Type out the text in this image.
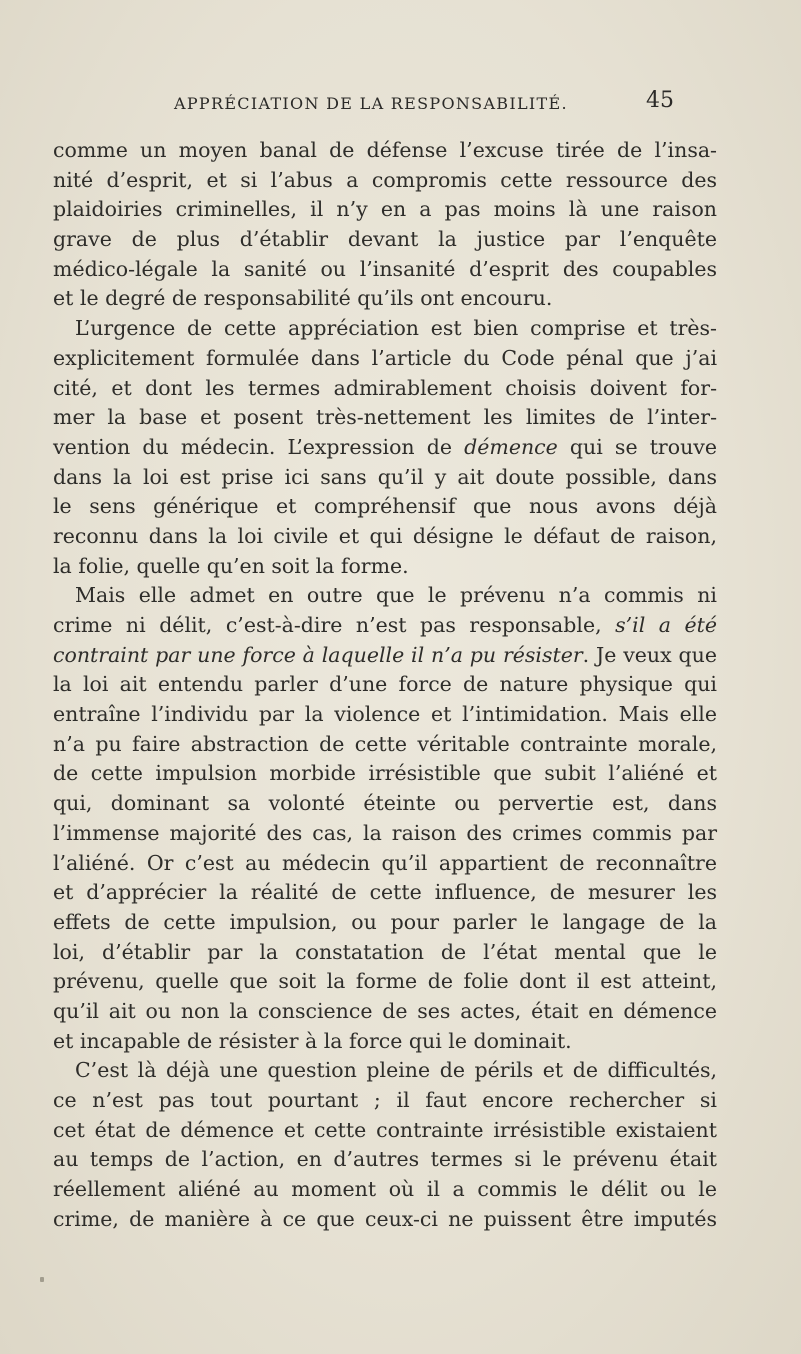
APPRÉCIATION DE LA RESPONSABILITÉ.	45
comme un moyen banal de défense l’excuse tirée de l’insa-
nité d’esprit, et si l’abus a compromis cette ressource des
plaidoiries criminelles, il n’y en a pas moins là une raison
grave de plus d’établir devant la justice par l’enquête
médico-légale la sanité ou l’insanité d’esprit des coupables
et le degré de responsabilité qu’ils ont encouru.
L’urgence de cette appréciation est bien comprise et très-
explicitement formulée dans l’article du Code pénal que j’ai
cité, et dont les termes admirablement choisis doivent for-
mer la base et posent très-nettement les limites de l’inter-
vention du médecin. L’expression de démence qui se trouve
dans la loi est prise ici sans qu’il y ait doute possible, dans
le sens générique et compréhensif que nous avons déjà
reconnu dans la loi civile et qui désigne le défaut de raison,
la folie, quelle qu’en soit la forme.
Mais elle admet en outre que le prévenu n’a commis ni
crime ni délit, c’est-à-dire n’est pas responsable, s’il a été
contraint par une force à laquelle il n’a pu résister. Je veux que
la loi ait entendu parler d’une force de nature physique qui
entraîne l’individu par la violence et l’intimidation. Mais elle
n’a pu faire abstraction de cette véritable contrainte morale,
de cette impulsion morbide irrésistible que subit l’aliéné et
qui, dominant sa volonté éteinte ou pervertie est, dans
l’immense majorité des cas, la raison des crimes commis par
l’aliéné. Or c’est au médecin qu’il appartient de reconnaître
et d’apprécier la réalité de cette influence, de mesurer les
effets de cette impulsion, ou pour parler le langage de la
loi, d’établir par la constatation de l’état mental que le
prévenu, quelle que soit la forme de folie dont il est atteint,
qu’il ait ou non la conscience de ses actes, était en démence
et incapable de résister à la force qui le dominait.
C’est là déjà une question pleine de périls et de difficultés,
ce n’est pas tout pourtant ; il faut encore rechercher si
cet état de démence et cette contrainte irrésistible existaient
au temps de l’action, en d’autres termes si le prévenu était
réellement aliéné au moment où il a commis le délit ou le
crime, de manière à ce que ceux-ci ne puissent être imputés
